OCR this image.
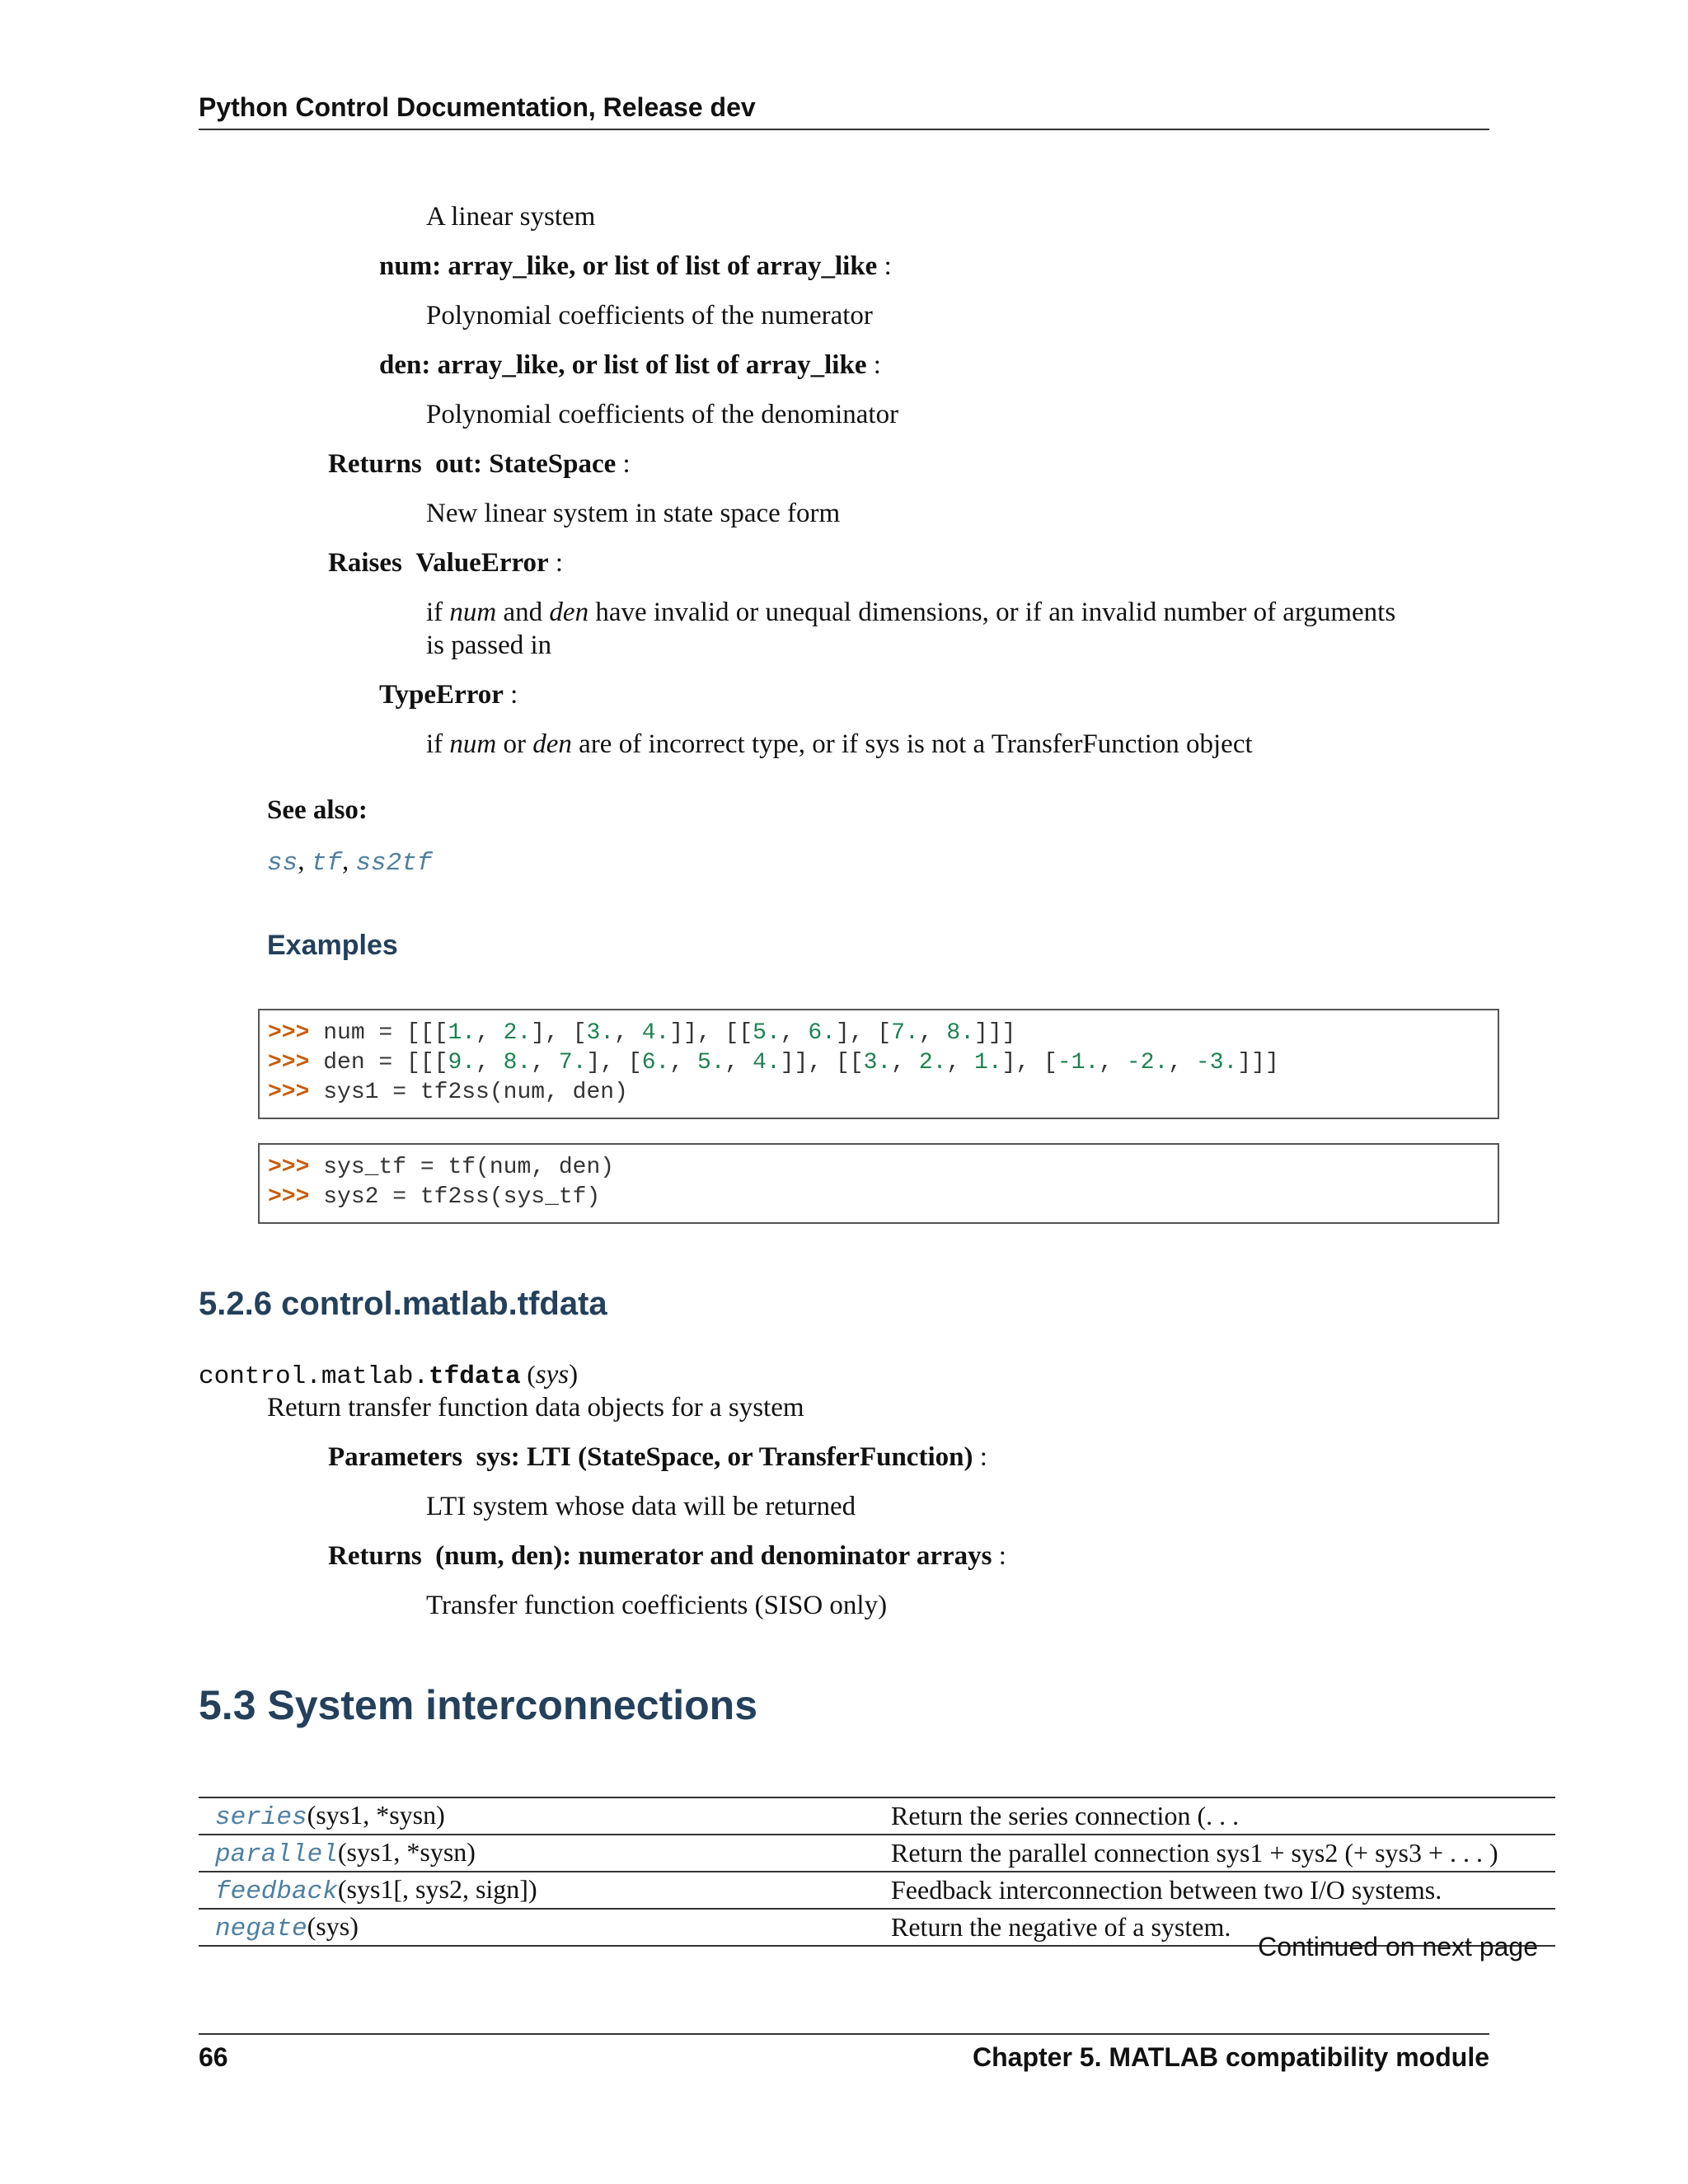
Python Control Documentation, Release dev
A linear system
num: array_like, or list of list of array_like :
Polynomial coefficients of the numerator
den: array_like, or list of list of array_like :
Polynomial coefficients of the denominator
Returns out: StateSpace :
New linear system in state space form
Raises ValueError :
if num and den have invalid or unequal dimensions, or if an invalid number of arguments
is passed in
TypeError :
if num or den are of incorrect type, or if sys is not a TransferFunction object
See also:
ss, tf, ss2tf
Examples
>>> num = [[[1., 2.], [3., 4.]], [[5., 6.], [7., 8.]]]
>>> den = [[[9., 8., 7.], [6., 5., 4.]], [[3., 2., 1.], [-1., -2., -3.]]]
>>> sys1 = tf2ss(num, den)
>>> sys_tf = tf(num, den)
>>> sys2 = tf2ss(sys_tf)
5.2.6 control.matlab.tfdata
control.matlab.tfdata (sys)
Return transfer function data objects for a system
Parameters sys: LTI (StateSpace, or TransferFunction) :
LTI system whose data will be returned
Returns (num, den): numerator and denominator arrays :
Transfer function coefficients (SISO only)
5.3 System interconnections
series(sys1, *sysn)	Return the series connection (. . .
parallel(sys1, *sysn)	Return the parallel connection sys1 + sys2 (+ sys3 + . . . )
feedback(sys1[, sys2, sign])	Feedback interconnection between two I/O systems.
negate(sys)	Return the negative of a system.
Continued on next page
66	Chapter 5. MATLAB compatibility module
